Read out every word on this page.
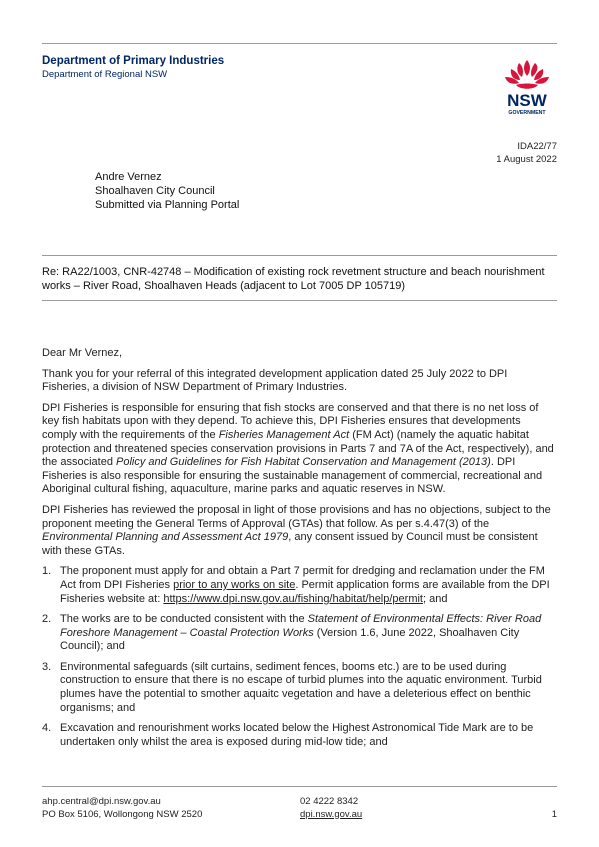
Department of Primary Industries
Department of Regional NSW
NSW
GOVERNMENT
IDA22/77
1 August 2022
Andre Vernez
Shoalhaven City Council
Submitted via Planning Portal
Re: RA22/1003, CNR-42748 – Modification of existing rock revetment structure and beach nourishment works – River Road, Shoalhaven Heads (adjacent to Lot 7005 DP 105719)

Dear Mr Vernez,

Thank you for your referral of this integrated development application dated 25 July 2022 to DPI Fisheries, a division of NSW Department of Primary Industries.

DPI Fisheries is responsible for ensuring that fish stocks are conserved and that there is no net loss of key fish habitats upon with they depend. To achieve this, DPI Fisheries ensures that developments comply with the requirements of the Fisheries Management Act (FM Act) (namely the aquatic habitat protection and threatened species conservation provisions in Parts 7 and 7A of the Act, respectively), and the associated Policy and Guidelines for Fish Habitat Conservation and Management (2013). DPI Fisheries is also responsible for ensuring the sustainable management of commercial, recreational and Aboriginal cultural fishing, aquaculture, marine parks and aquatic reserves in NSW.

DPI Fisheries has reviewed the proposal in light of those provisions and has no objections, subject to the proponent meeting the General Terms of Approval (GTAs) that follow. As per s.4.47(3) of the Environmental Planning and Assessment Act 1979, any consent issued by Council must be consistent with these GTAs.

1. The proponent must apply for and obtain a Part 7 permit for dredging and reclamation under the FM Act from DPI Fisheries prior to any works on site. Permit application forms are available from the DPI Fisheries website at: https://www.dpi.nsw.gov.au/fishing/habitat/help/permit; and
2. The works are to be conducted consistent with the Statement of Environmental Effects: River Road Foreshore Management – Coastal Protection Works (Version 1.6, June 2022, Shoalhaven City Council); and
3. Environmental safeguards (silt curtains, sediment fences, booms etc.) are to be used during construction to ensure that there is no escape of turbid plumes into the aquatic environment. Turbid plumes have the potential to smother aquaitc vegetation and have a deleterious effect on benthic organisms; and
4. Excavation and renourishment works located below the Highest Astronomical Tide Mark are to be undertaken only whilst the area is exposed during mid-low tide; and
ahp.central@dpi.nsw.gov.au
PO Box 5106, Wollongong NSW 2520
02 4222 8342
dpi.nsw.gov.au	1
